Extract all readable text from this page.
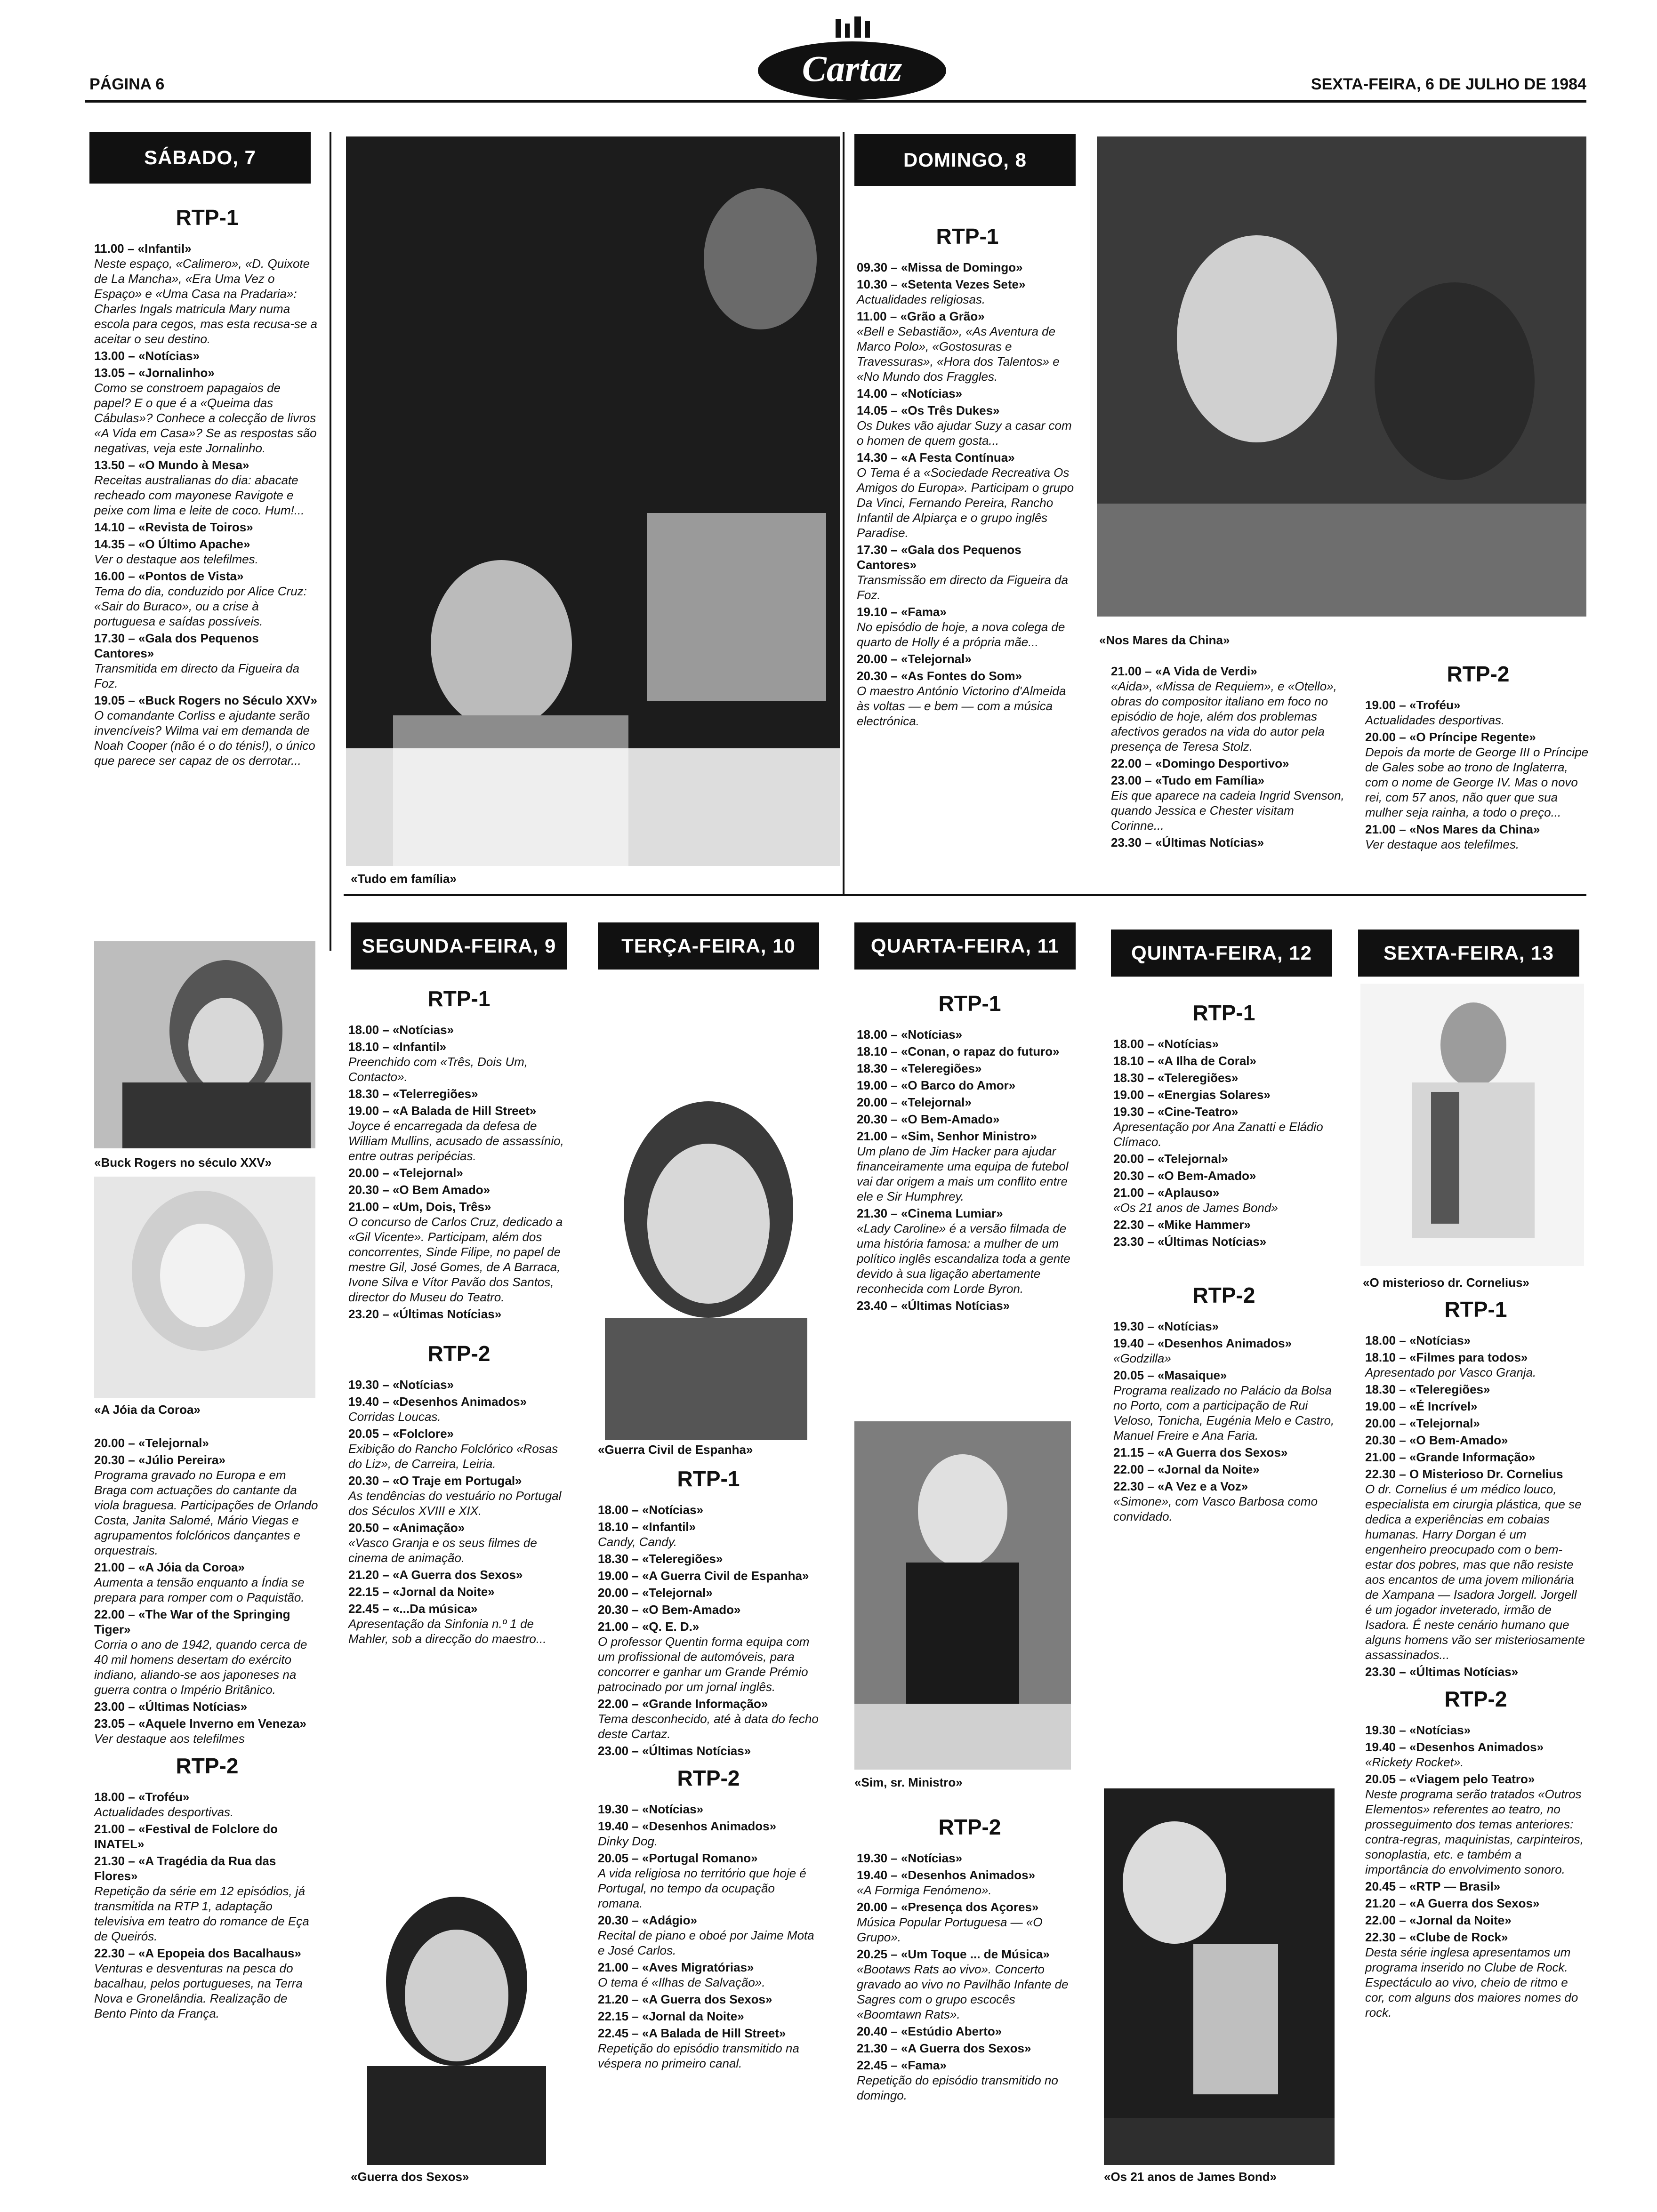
PÁGINA 6	Cartaz	SEXTA-FEIRA, 6 DE JULHO DE 1984
SÁBADO, 7
RTP-1
11.00 – «Infantil»
Neste espaço, «Calimero», «D. Quixote de La Mancha», «Era Uma Vez o Espaço» e «Uma Casa na Pradaria»: Charles Ingals matricula Mary numa escola para cegos, mas esta recusa-se a aceitar o seu destino.
13.00 – «Notícias»
13.05 – «Jornalinho»
Como se constroem papagaios de papel? E o que é a «Queima das Cábulas»? Conhece a colecção de livros «A Vida em Casa»? Se as respostas são negativas, veja este Jornalinho.
13.50 – «O Mundo à Mesa»
Receitas australianas do dia: abacate recheado com mayonese Ravigote e peixe com lima e leite de coco. Hum!...
14.10 – «Revista de Toiros»
14.35 – «O Último Apache»
Ver o destaque aos telefilmes.
16.00 – «Pontos de Vista»
Tema do dia, conduzido por Alice Cruz: «Sair do Buraco», ou a crise à portuguesa e saídas possíveis.
17.30 – «Gala dos Pequenos Cantores»
Transmitida em directo da Figueira da Foz.
19.05 – «Buck Rogers no Século XXV»
O comandante Corliss e ajudante serão invencíveis? Wilma vai em demanda de Noah Cooper (não é o do ténis!), o único que parece ser capaz de os derrotar...
«Buck Rogers no século XXV»
«A Jóia da Coroa»
20.00 – «Telejornal»
20.30 – «Júlio Pereira»
Programa gravado no Europa e em Braga com actuações do cantante da viola braguesa. Participações de Orlando Costa, Janita Salomé, Mário Viegas e agrupamentos folclóricos dançantes e orquestrais.
21.00 – «A Jóia da Coroa»
Aumenta a tensão enquanto a Índia se prepara para romper com o Paquistão.
22.00 – «The War of the Springing Tiger»
Corria o ano de 1942, quando cerca de 40 mil homens desertam do exército indiano, aliando-se aos japoneses na guerra contra o Império Britânico.
23.00 – «Últimas Notícias»
23.05 – «Aquele Inverno em Veneza»
Ver destaque aos telefilmes
RTP-2
18.00 – «Troféu»
Actualidades desportivas.
21.00 – «Festival de Folclore do INATEL»
21.30 – «A Tragédia da Rua das Flores»
Repetição da série em 12 episódios, já transmitida na RTP 1, adaptação televisiva em teatro do romance de Eça de Queirós.
22.30 – «A Epopeia dos Bacalhaus»
Venturas e desventuras na pesca do bacalhau, pelos portugueses, na Terra Nova e Gronelândia. Realização de Bento Pinto da França.
«Tudo em família»
DOMINGO, 8
RTP-1
09.30 – «Missa de Domingo»
10.30 – «Setenta Vezes Sete»
Actualidades religiosas.
11.00 – «Grão a Grão»
«Bell e Sebastião», «As Aventura de Marco Polo», «Gostosuras e Travessuras», «Hora dos Talentos» e «No Mundo dos Fraggles.
14.00 – «Notícias»
14.05 – «Os Três Dukes»
Os Dukes vão ajudar Suzy a casar com o homen de quem gosta...
14.30 – «A Festa Contínua»
O Tema é a «Sociedade Recreativa Os Amigos do Europa». Participam o grupo Da Vinci, Fernando Pereira, Rancho Infantil de Alpiarça e o grupo inglês Paradise.
17.30 – «Gala dos Pequenos Cantores»
Transmissão em directo da Figueira da Foz.
19.10 – «Fama»
No episódio de hoje, a nova colega de quarto de Holly é a própria mãe...
20.00 – «Telejornal»
20.30 – «As Fontes do Som»
O maestro António Victorino d'Almeida às voltas — e bem — com a música electrónica.
«Nos Mares da China»
21.00 – «A Vida de Verdi»
«Aida», «Missa de Requiem», e «Otello», obras do compositor italiano em foco no episódio de hoje, além dos problemas afectivos gerados na vida do autor pela presença de Teresa Stolz.
22.00 – «Domingo Desportivo»
23.00 – «Tudo em Família»
Eis que aparece na cadeia Ingrid Svenson, quando Jessica e Chester visitam Corinne...
23.30 – «Últimas Notícias»
RTP-2
19.00 – «Troféu»
Actualidades desportivas.
20.00 – «O Príncipe Regente»
Depois da morte de George III o Príncipe de Gales sobe ao trono de Inglaterra, com o nome de George IV. Mas o novo rei, com 57 anos, não quer que sua mulher seja rainha, a todo o preço...
21.00 – «Nos Mares da China»
Ver destaque aos telefilmes.
SEGUNDA-FEIRA, 9
RTP-1
18.00 – «Notícias»
18.10 – «Infantil»
Preenchido com «Três, Dois Um, Contacto».
18.30 – «Telerregiões»
19.00 – «A Balada de Hill Street»
Joyce é encarregada da defesa de William Mullins, acusado de assassínio, entre outras peripécias.
20.00 – «Telejornal»
20.30 – «O Bem Amado»
21.00 – «Um, Dois, Três»
O concurso de Carlos Cruz, dedicado a «Gil Vicente». Participam, além dos concorrentes, Sinde Filipe, no papel de mestre Gil, José Gomes, de A Barraca, Ivone Silva e Vítor Pavão dos Santos, director do Museu do Teatro.
23.20 – «Últimas Notícias»
RTP-2
19.30 – «Notícias»
19.40 – «Desenhos Animados»
Corridas Loucas.
20.05 – «Folclore»
Exibição do Rancho Folclórico «Rosas do Liz», de Carreira, Leiria.
20.30 – «O Traje em Portugal»
As tendências do vestuário no Portugal dos Séculos XVIII e XIX.
20.50 – «Animação»
«Vasco Granja e os seus filmes de cinema de animação.
21.20 – «A Guerra dos Sexos»
22.15 – «Jornal da Noite»
22.45 – «...Da música»
Apresentação da Sinfonia n.º 1 de Mahler, sob a direcção do maestro...
«Guerra dos Sexos»
TERÇA-FEIRA, 10
«Guerra Civil de Espanha»
RTP-1
18.00 – «Notícias»
18.10 – «Infantil»
Candy, Candy.
18.30 – «Teleregiões»
19.00 – «A Guerra Civil de Espanha»
20.00 – «Telejornal»
20.30 – «O Bem-Amado»
21.00 – «Q. E. D.»
O professor Quentin forma equipa com um profissional de automóveis, para concorrer e ganhar um Grande Prémio patrocinado por um jornal inglês.
22.00 – «Grande Informação»
Tema desconhecido, até à data do fecho deste Cartaz.
23.00 – «Últimas Notícias»
RTP-2
19.30 – «Notícias»
19.40 – «Desenhos Animados»
Dinky Dog.
20.05 – «Portugal Romano»
A vida religiosa no território que hoje é Portugal, no tempo da ocupação romana.
20.30 – «Adágio»
Recital de piano e oboé por Jaime Mota e José Carlos.
21.00 – «Aves Migratórias»
O tema é «Ilhas de Salvação».
21.20 – «A Guerra dos Sexos»
22.15 – «Jornal da Noite»
22.45 – «A Balada de Hill Street»
Repetição do episódio transmitido na véspera no primeiro canal.
QUARTA-FEIRA, 11
RTP-1
18.00 – «Notícias»
18.10 – «Conan, o rapaz do futuro»
18.30 – «Teleregiões»
19.00 – «O Barco do Amor»
20.00 – «Telejornal»
20.30 – «O Bem-Amado»
21.00 – «Sim, Senhor Ministro»
Um plano de Jim Hacker para ajudar financeiramente uma equipa de futebol vai dar origem a mais um conflito entre ele e Sir Humphrey.
21.30 – «Cinema Lumiar»
«Lady Caroline» é a versão filmada de uma história famosa: a mulher de um político inglês escandaliza toda a gente devido à sua ligação abertamente reconhecida com Lorde Byron.
23.40 – «Últimas Notícias»
«Sim, sr. Ministro»
RTP-2
19.30 – «Notícias»
19.40 – «Desenhos Animados»
«A Formiga Fenómeno».
20.00 – «Presença dos Açores»
Música Popular Portuguesa — «O Grupo».
20.25 – «Um Toque ... de Música»
«Bootaws Rats ao vivo». Concerto gravado ao vivo no Pavilhão Infante de Sagres com o grupo escocês «Boomtawn Rats».
20.40 – «Estúdio Aberto»
21.30 – «A Guerra dos Sexos»
22.45 – «Fama»
Repetição do episódio transmitido no domingo.
QUINTA-FEIRA, 12
RTP-1
18.00 – «Notícias»
18.10 – «A Ilha de Coral»
18.30 – «Teleregiões»
19.00 – «Energias Solares»
19.30 – «Cine-Teatro»
Apresentação por Ana Zanatti e Eládio Clímaco.
20.00 – «Telejornal»
20.30 – «O Bem-Amado»
21.00 – «Aplauso»
«Os 21 anos de James Bond»
22.30 – «Mike Hammer»
23.30 – «Últimas Notícias»
RTP-2
19.30 – «Notícias»
19.40 – «Desenhos Animados»
«Godzilla»
20.05 – «Masaique»
Programa realizado no Palácio da Bolsa no Porto, com a participação de Rui Veloso, Tonicha, Eugénia Melo e Castro, Manuel Freire e Ana Faria.
21.15 – «A Guerra dos Sexos»
22.00 – «Jornal da Noite»
22.30 – «A Vez e a Voz»
«Simone», com Vasco Barbosa como convidado.
«Os 21 anos de James Bond»
SEXTA-FEIRA, 13
«O misterioso dr. Cornelius»
RTP-1
18.00 – «Notícias»
18.10 – «Filmes para todos»
Apresentado por Vasco Granja.
18.30 – «Teleregiões»
19.00 – «É Incrível»
20.00 – «Telejornal»
20.30 – «O Bem-Amado»
21.00 – «Grande Informação»
22.30 – O Misterioso Dr. Cornelius
O dr. Cornelius é um médico louco, especialista em cirurgia plástica, que se dedica a experiências em cobaias humanas. Harry Dorgan é um engenheiro preocupado com o bem-estar dos pobres, mas que não resiste aos encantos de uma jovem milionária de Xampana — Isadora Jorgell. Jorgell é um jogador inveterado, irmão de Isadora. É neste cenário humano que alguns homens vão ser misteriosamente assassinados...
23.30 – «Últimas Notícias»
RTP-2
19.30 – «Notícias»
19.40 – «Desenhos Animados»
«Rickety Rocket».
20.05 – «Viagem pelo Teatro»
Neste programa serão tratados «Outros Elementos» referentes ao teatro, no prosseguimento dos temas anteriores: contra-regras, maquinistas, carpinteiros, sonoplastia, etc. e também a importância do envolvimento sonoro.
20.45 – «RTP — Brasil»
21.20 – «A Guerra dos Sexos»
22.00 – «Jornal da Noite»
22.30 – «Clube de Rock»
Desta série inglesa apresentamos um programa inserido no Clube de Rock. Espectáculo ao vivo, cheio de ritmo e cor, com alguns dos maiores nomes do rock.
